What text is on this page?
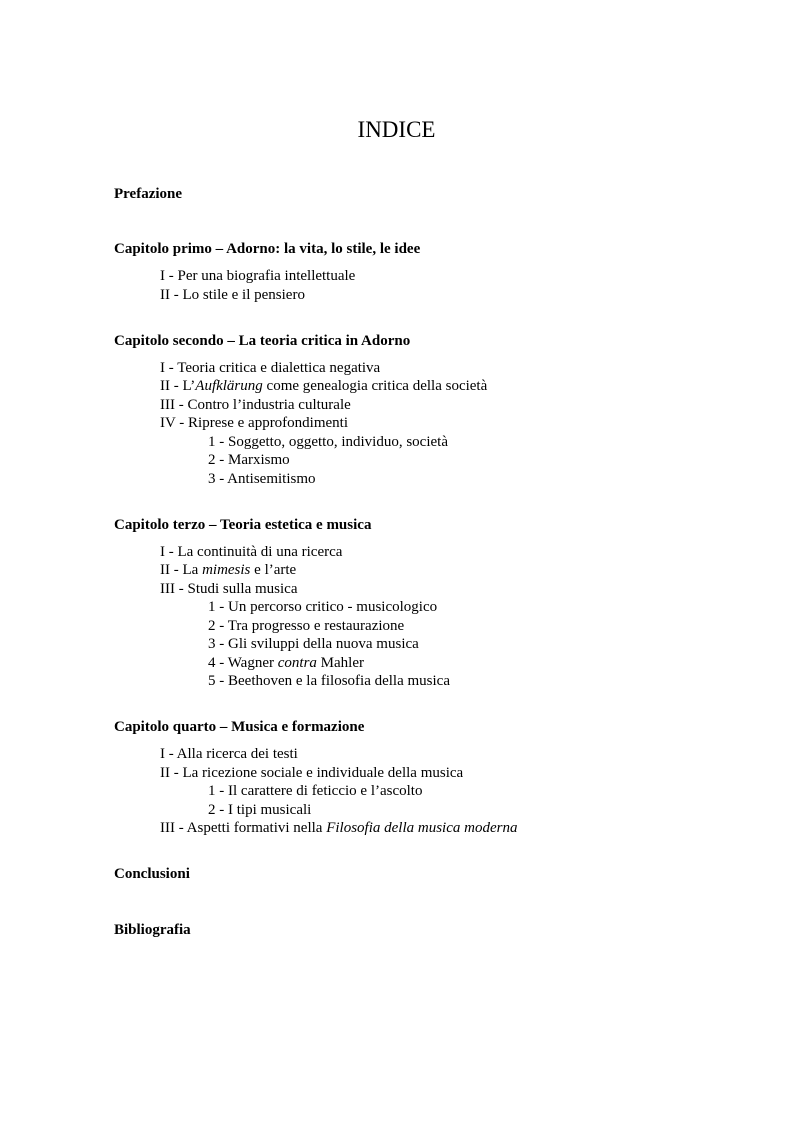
INDICE
Prefazione
Capitolo primo – Adorno: la vita, lo stile, le idee
I - Per una biografia intellettuale
II - Lo stile e il pensiero
Capitolo secondo – La teoria critica in Adorno
I - Teoria critica e dialettica negativa
II - L’Aufklärung come genealogia critica della società
III - Contro l’industria culturale
IV - Riprese e approfondimenti
1 - Soggetto, oggetto, individuo, società
2 - Marxismo
3 - Antisemitismo
Capitolo terzo – Teoria estetica e musica
I - La continuità di una ricerca
II - La mimesis e l’arte
III - Studi sulla musica
1 - Un percorso critico - musicologico
2 - Tra progresso e restaurazione
3 - Gli sviluppi della nuova musica
4 - Wagner contra Mahler
5 - Beethoven e la filosofia della musica
Capitolo quarto – Musica e formazione
I - Alla ricerca dei testi
II - La ricezione sociale e individuale della musica
1 - Il carattere di feticcio e l’ascolto
2 - I tipi musicali
III - Aspetti formativi nella Filosofia della musica moderna
Conclusioni
Bibliografia
